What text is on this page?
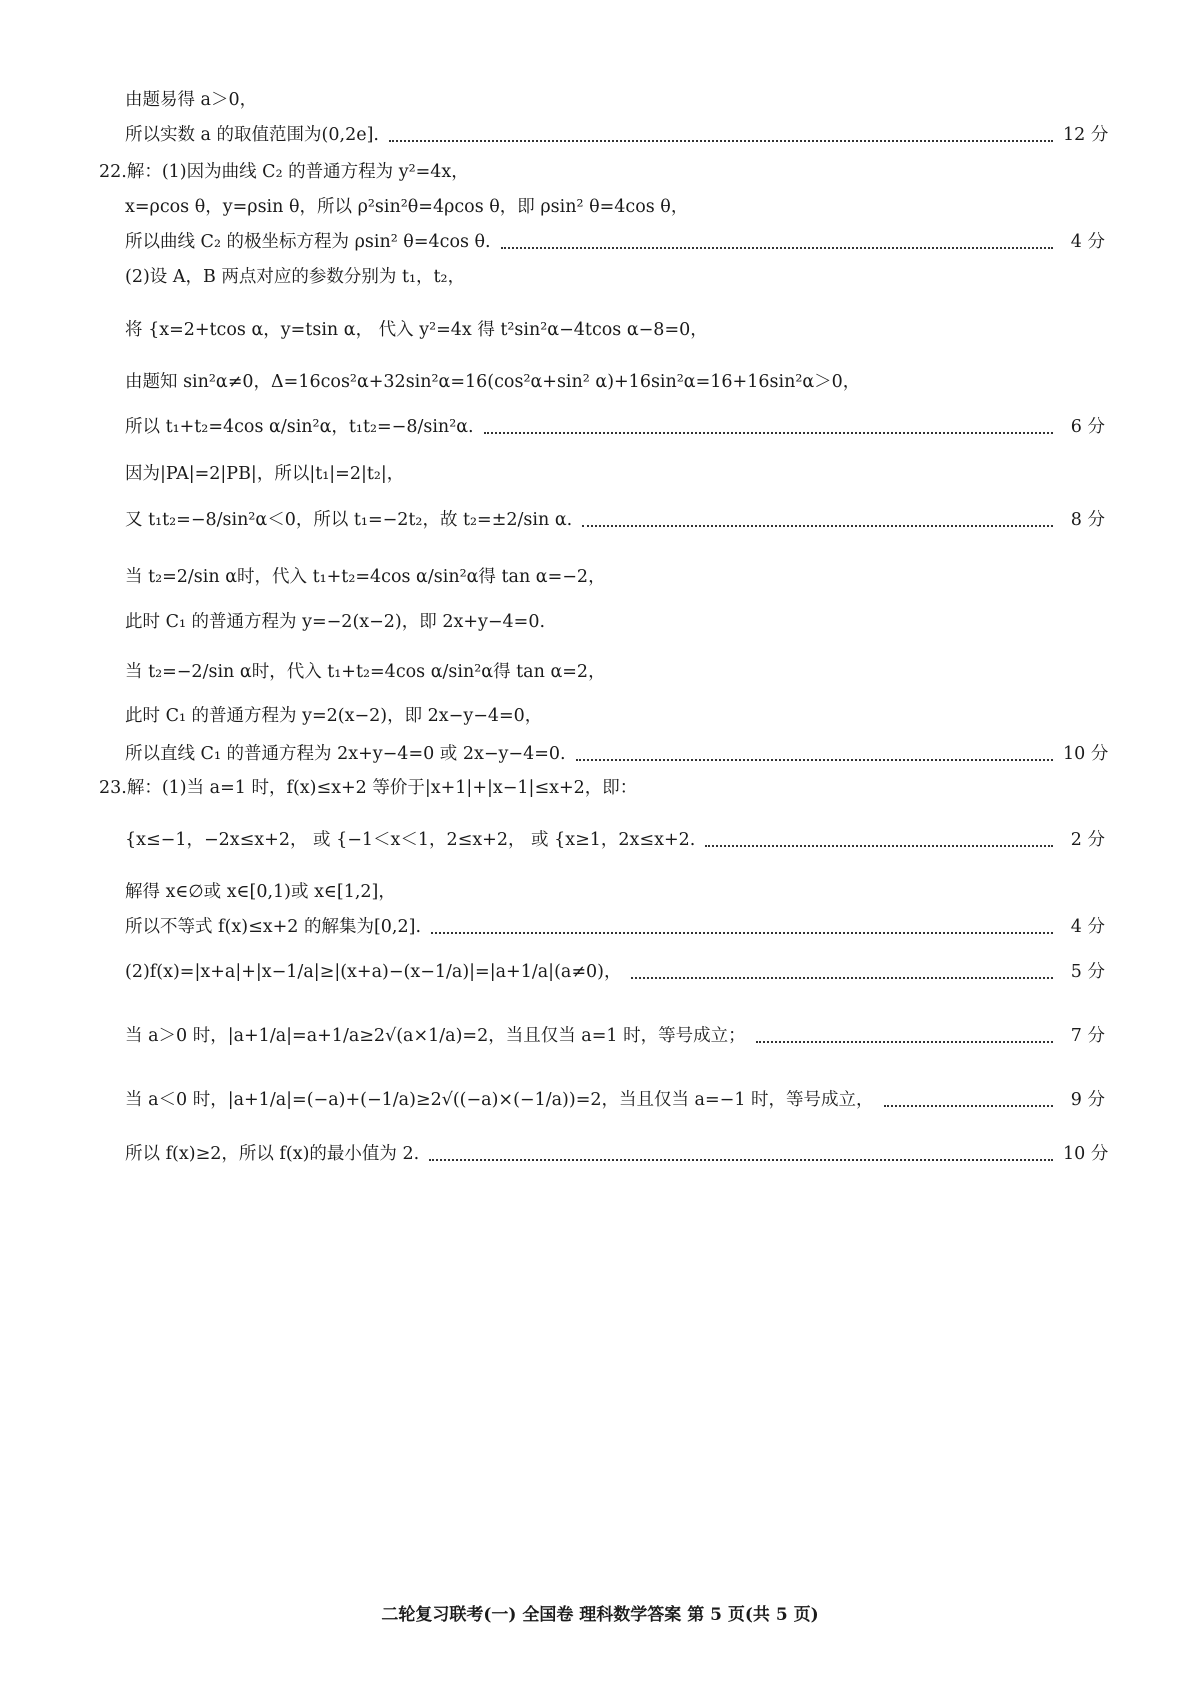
由题易得 a＞0，
所以实数 a 的取值范围为(0,2e].	12 分
22.解：(1)因为曲线 C₂ 的普通方程为 y²=4x，
x=ρcos θ，y=ρsin θ，所以 ρ²sin²θ=4ρcos θ，即 ρsin² θ=4cos θ，
所以曲线 C₂ 的极坐标方程为 ρsin² θ=4cos θ.	4 分
(2)设 A，B 两点对应的参数分别为 t₁，t₂，
将 {x=2+tcos α，y=tsin α， 代入 y²=4x 得 t²sin²α−4tcos α−8=0，
由题知 sin²α≠0，Δ=16cos²α+32sin²α=16(cos²α+sin² α)+16sin²α=16+16sin²α＞0，
所以 t₁+t₂=4cos α/sin²α，t₁t₂=−8/sin²α.	6 分
因为|PA|=2|PB|，所以|t₁|=2|t₂|，
又 t₁t₂=−8/sin²α＜0，所以 t₁=−2t₂，故 t₂=±2/sin α.	8 分
当 t₂=2/sin α时，代入 t₁+t₂=4cos α/sin²α得 tan α=−2，
此时 C₁ 的普通方程为 y=−2(x−2)，即 2x+y−4=0.
当 t₂=−2/sin α时，代入 t₁+t₂=4cos α/sin²α得 tan α=2，
此时 C₁ 的普通方程为 y=2(x−2)，即 2x−y−4=0，
所以直线 C₁ 的普通方程为 2x+y−4=0 或 2x−y−4=0.	10 分
23.解：(1)当 a=1 时，f(x)≤x+2 等价于|x+1|+|x−1|≤x+2，即：
{x≤−1，−2x≤x+2， 或 {−1＜x＜1，2≤x+2， 或 {x≥1，2x≤x+2.	2 分
解得 x∈∅或 x∈[0,1)或 x∈[1,2]，
所以不等式 f(x)≤x+2 的解集为[0,2].	4 分
(2)f(x)=|x+a|+|x−1/a|≥|(x+a)−(x−1/a)|=|a+1/a|(a≠0)，	5 分
当 a＞0 时，|a+1/a|=a+1/a≥2√(a×1/a)=2，当且仅当 a=1 时，等号成立；	7 分
当 a＜0 时，|a+1/a|=(−a)+(−1/a)≥2√((−a)×(−1/a))=2，当且仅当 a=−1 时，等号成立，	9 分
所以 f(x)≥2，所以 f(x)的最小值为 2.	10 分
二轮复习联考(一) 全国卷 理科数学答案 第 5 页(共 5 页)
